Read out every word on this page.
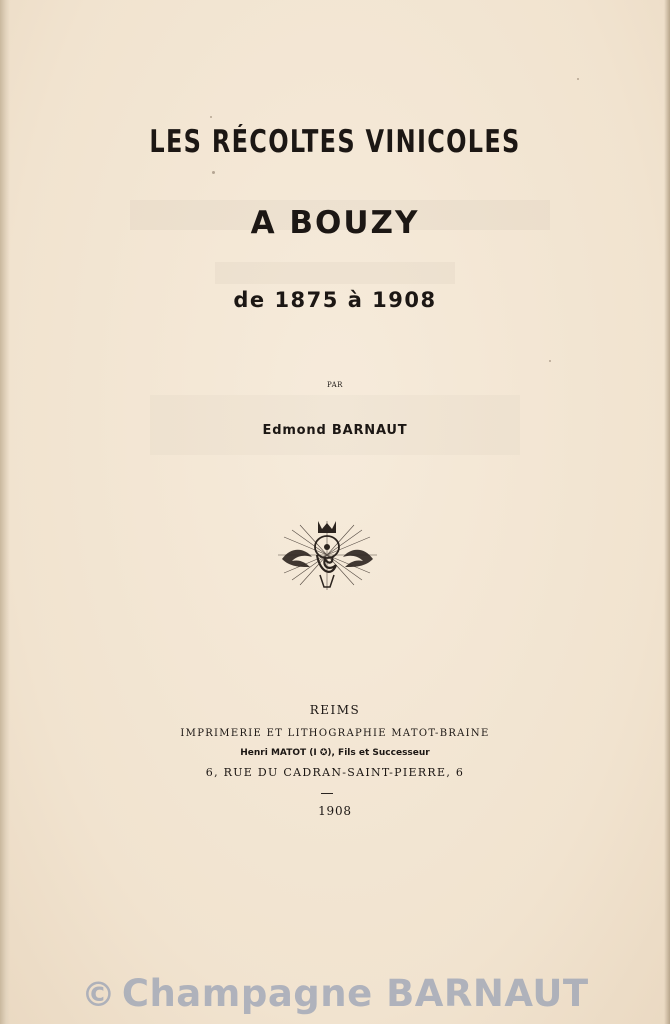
LES RÉCOLTES VINICOLES
A BOUZY
de 1875 à 1908
PAR
Edmond BARNAUT
REIMS
IMPRIMERIE ET LITHOGRAPHIE MATOT-BRAINE
Henri MATOT (I ✪), Fils et Successeur
6, RUE DU CADRAN-SAINT-PIERRE, 6
1908
© Champagne BARNAUT
